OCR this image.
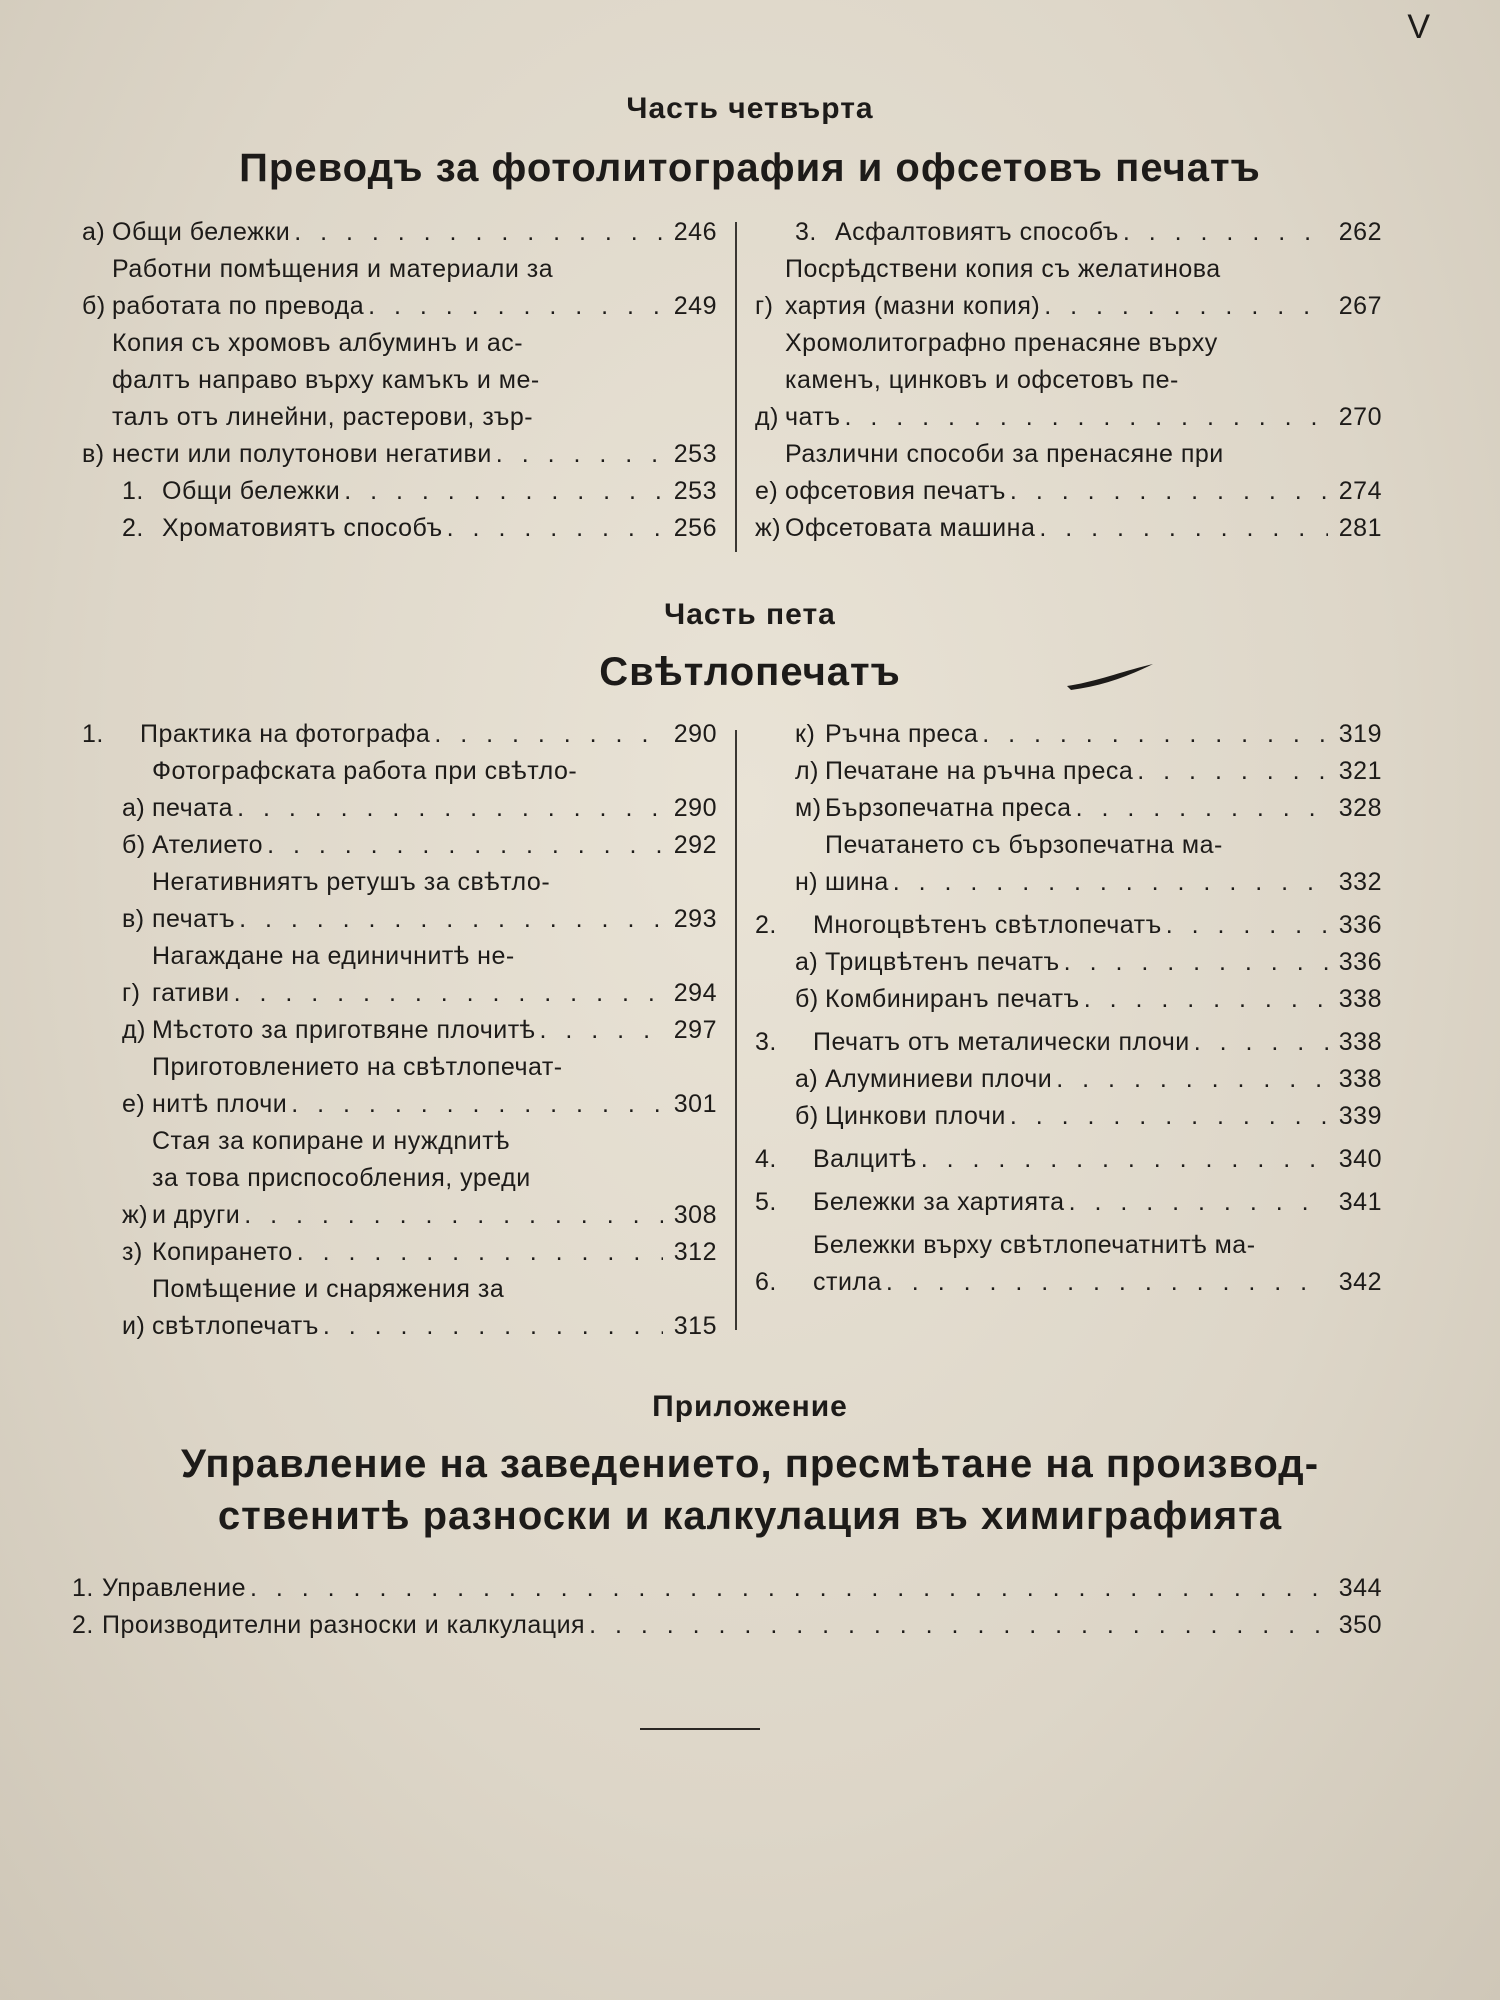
V
Часть четвърта
Преводъ за фотолитография и офсетовъ печатъ
а) Общи бележки . . .	246
б)
Работни помѣщения и материали за
работата по превода . . .	249
в)
Копия съ хромовъ албуминъ и ас-
фалтъ направо върху камъкъ и ме-
талъ отъ линейни, растерови, зър-
нести или полутонови негативи . . .	253
1. Общи бележки . . .	253
2. Хроматовиятъ способъ . . .	256
3. Асфалтовиятъ способъ . . .	262
г)
Посрѣдствени копия съ желатинова
хартия (мазни копия) . . .	267
д)
Хромолитографно пренасяне върху
каменъ, цинковъ и офсетовъ пе-
чатъ . . .	270
е)
Различни способи за пренасяне при
офсетовия печатъ . . .	274
ж) Офсетовата машина . . .	281
Часть пета
Свѣтлопечатъ
1.	Практика на фотографа . . .	290
а)
Фотографската работа при свѣтло-
печата . . .	290
б) Ателието . . .	292
в)
Негативниятъ ретушъ за свѣтло-
печатъ . . .	293
г)
Нагаждане на единичнитѣ не-
гативи . . .	294
д) Мѣстото за приготвяне плочитѣ . . .	297
е)
Приготовлението на свѣтлопечат-
нитѣ плочи . . .	301
ж)
Стая за копиране и нуждnитѣ
за това приспособления, уреди
и други . . .	308
з) Копирането . . .	312
и)
Помѣщение и снаряжения за
свѣтлопечатъ . . .	315
к) Ръчна преса . . .	319
л) Печатане на ръчна преса . . .	321
м) Бързопечатна преса . . .	328
н)
Печатането съ бързопечатна ма-
шина . . .	332
2.	Многоцвѣтенъ свѣтлопечатъ . . .	336
а) Трицвѣтенъ печатъ . . .	336
б) Комбиниранъ печатъ . . .	338
3.	Печатъ отъ металически плочи . . .	338
а) Алуминиеви плочи . . .	338
б) Цинкови плочи . . .	339
4.	Валцитѣ . . .	340
5.	Бележки за хартията . . .	341
6.
Бележки върху свѣтлопечатнитѣ ма-
стила . . .	342
Приложение
Управление на заведението, пресмѣтане на производ-
ственитѣ разноски и калкулация въ химиграфията
1. Управление . . .	344
2. Производителни разноски и калкулация . . .	350
